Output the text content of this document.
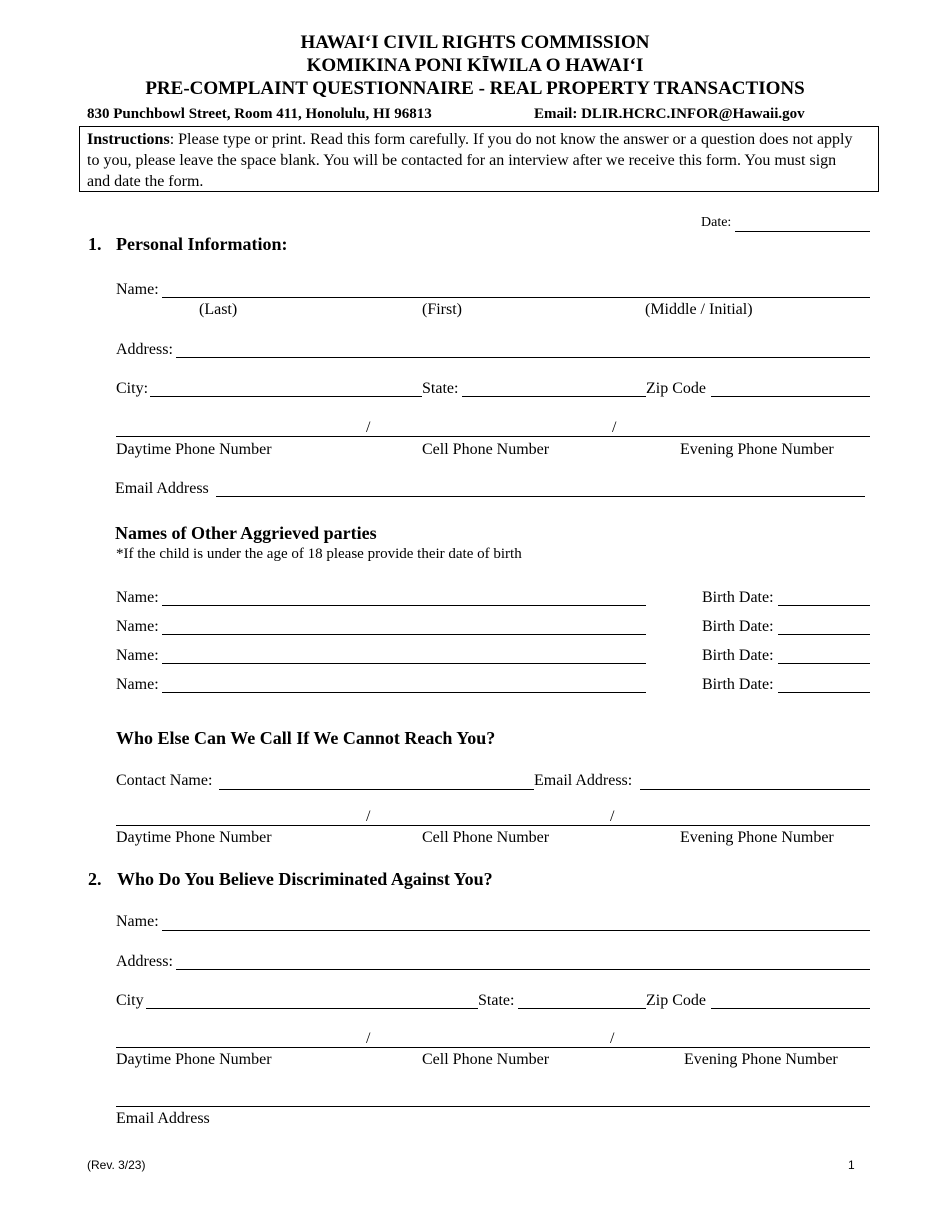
HAWAIʻI CIVIL RIGHTS COMMISSION
KOMIKINA PONI KĪWILA O HAWAIʻI
PRE-COMPLAINT QUESTIONNAIRE - REAL PROPERTY TRANSACTIONS
830 Punchbowl Street, Room 411, Honolulu, HI 96813	Email: DLIR.HCRC.INFOR@Hawaii.gov
Instructions: Please type or print. Read this form carefully. If you do not know the answer or a question does not apply to you, please leave the space blank. You will be contacted for an interview after we receive this form. You must sign and date the form.
Date:
1. Personal Information:
Name:
(Last)	(First)	(Middle / Initial)
Address:
City:	State:	Zip Code
/	/
Daytime Phone Number	Cell Phone Number	Evening Phone Number
Email Address
Names of Other Aggrieved parties
*If the child is under the age of 18 please provide their date of birth
Name:	Birth Date:
Name:	Birth Date:
Name:	Birth Date:
Name:	Birth Date:
Who Else Can We Call If We Cannot Reach You?
Contact Name:	Email Address:
/	/
Daytime Phone Number	Cell Phone Number	Evening Phone Number
2. Who Do You Believe Discriminated Against You?
Name:
Address:
City	State:	Zip Code
/	/
Daytime Phone Number	Cell Phone Number	Evening Phone Number
Email Address
(Rev. 3/23)	1
